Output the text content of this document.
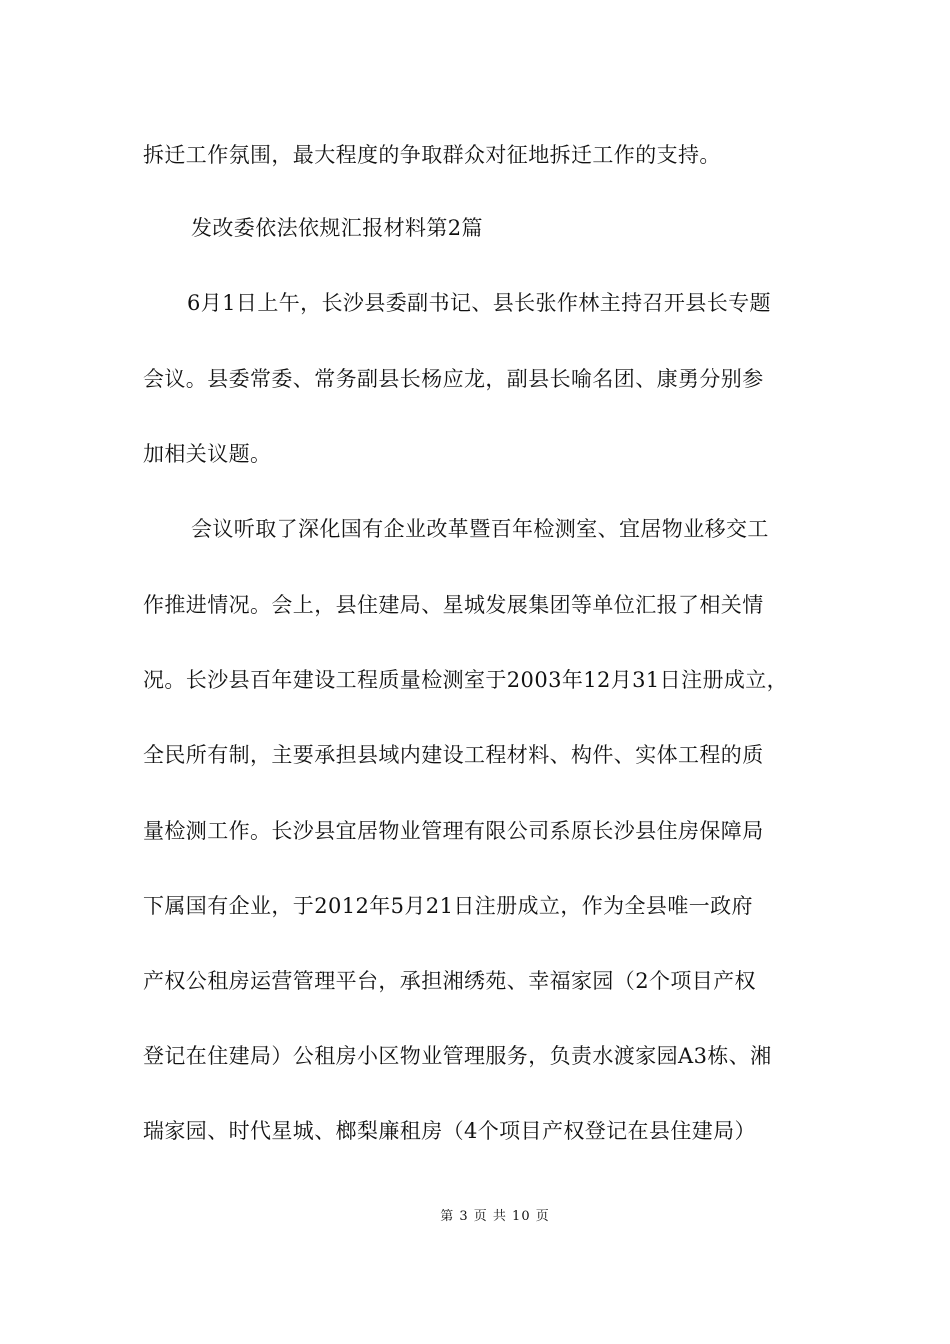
拆迁工作氛围，最大程度的争取群众对征地拆迁工作的支持。
发改委依法依规汇报材料第2篇
6月1日上午，长沙县委副书记、县长张作林主持召开县长专题
会议。县委常委、常务副县长杨应龙，副县长喻名团、康勇分别参
加相关议题。
会议听取了深化国有企业改革暨百年检测室、宜居物业移交工
作推进情况。会上，县住建局、星城发展集团等单位汇报了相关情
况。长沙县百年建设工程质量检测室于2003年12月31日注册成立，
全民所有制，主要承担县域内建设工程材料、构件、实体工程的质
量检测工作。长沙县宜居物业管理有限公司系原长沙县住房保障局
下属国有企业，于2012年5月21日注册成立，作为全县唯一政府
产权公租房运营管理平台，承担湘绣苑、幸福家园（2个项目产权
登记在住建局）公租房小区物业管理服务，负责水渡家园A3栋、湘
瑞家园、时代星城、榔梨廉租房（4个项目产权登记在县住建局）
第 3 页 共 10 页
